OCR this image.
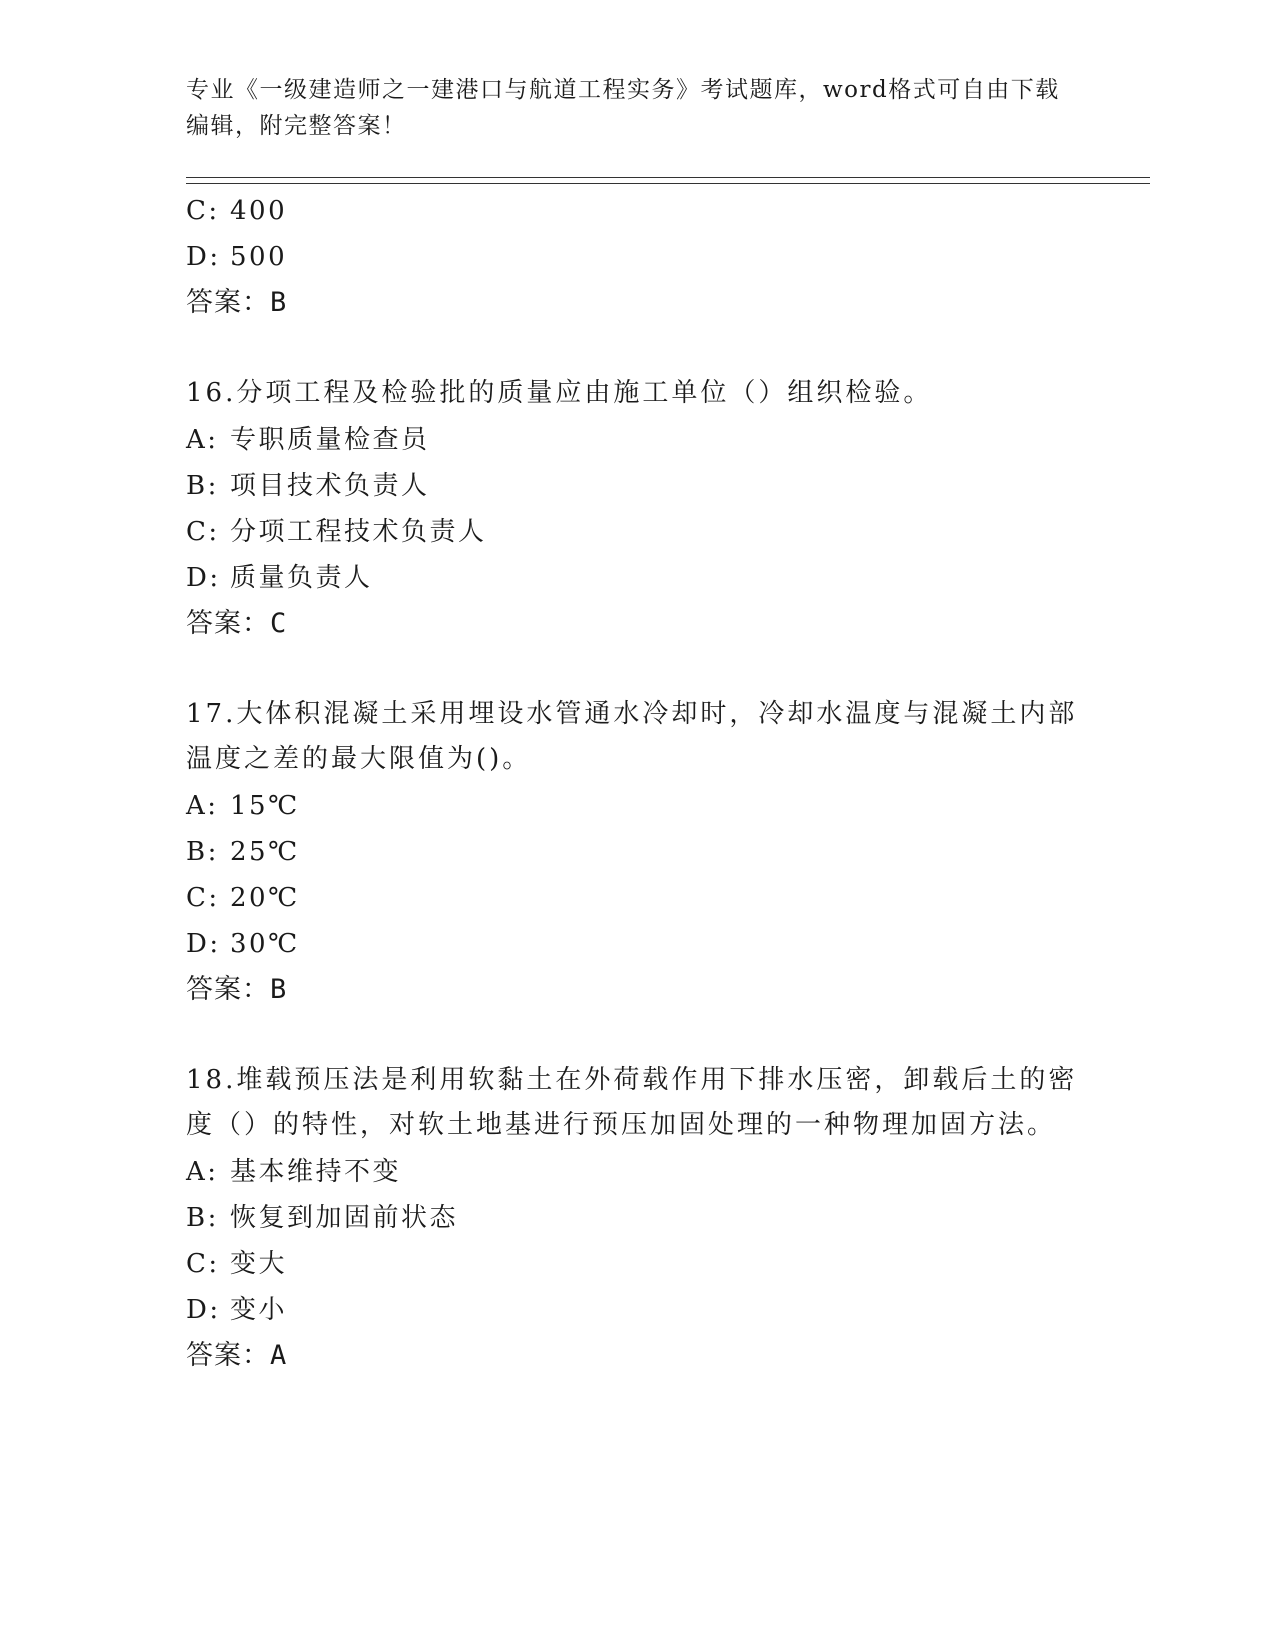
专业《一级建造师之一建港口与航道工程实务》考试题库，word格式可自由下载编辑，附完整答案！
C: 400
D: 500
答案：B
16.分项工程及检验批的质量应由施工单位（）组织检验。
A: 专职质量检查员
B: 项目技术负责人
C: 分项工程技术负责人
D: 质量负责人
答案：C
17.大体积混凝土采用埋设水管通水冷却时，冷却水温度与混凝土内部温度之差的最大限值为()。
A: 15℃
B: 25℃
C: 20℃
D: 30℃
答案：B
18.堆载预压法是利用软黏土在外荷载作用下排水压密，卸载后土的密度（）的特性，对软土地基进行预压加固处理的一种物理加固方法。
A: 基本维持不变
B: 恢复到加固前状态
C: 变大
D: 变小
答案：A
